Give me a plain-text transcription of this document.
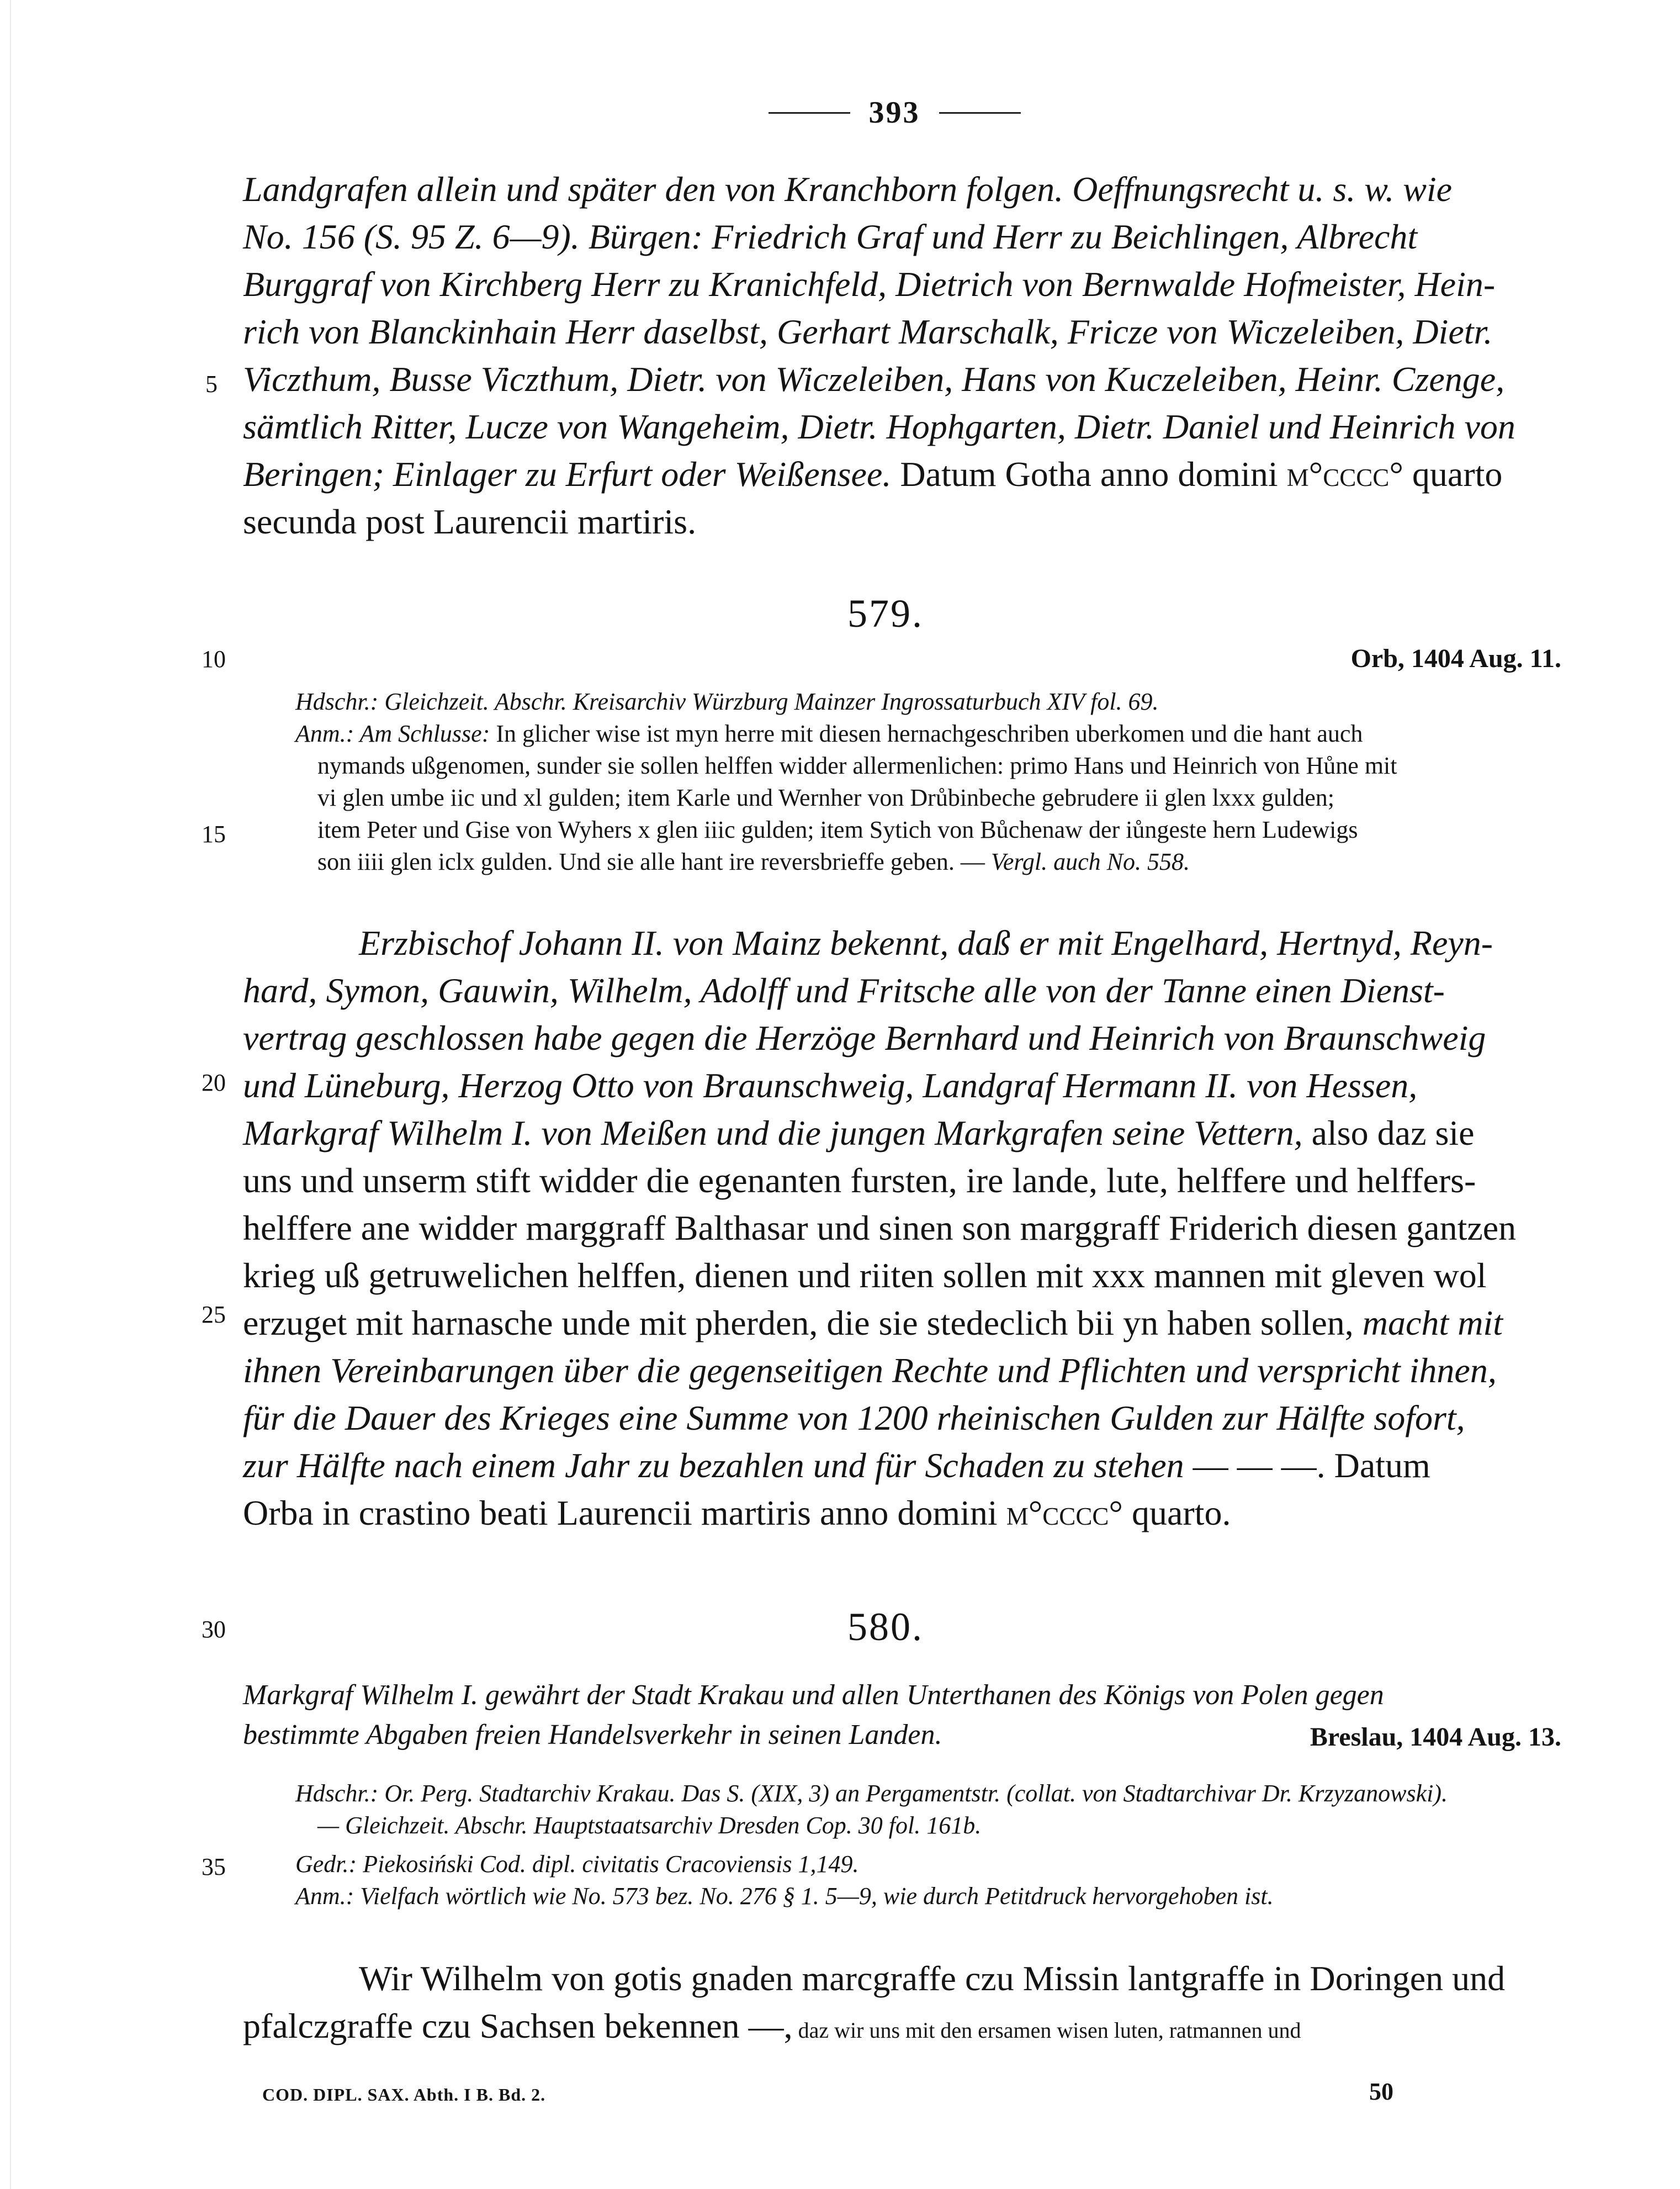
393
5
10
15
20
25
30
35
Landgrafen allein und später den von Kranchborn folgen. Oeffnungsrecht u. s. w. wie
No. 156 (S. 95 Z. 6—9). Bürgen: Friedrich Graf und Herr zu Beichlingen, Albrecht
Burggraf von Kirchberg Herr zu Kranichfeld, Dietrich von Bernwalde Hofmeister, Hein-
rich von Blanckinhain Herr daselbst, Gerhart Marschalk, Fricze von Wiczeleiben, Dietr.
Viczthum, Busse Viczthum, Dietr. von Wiczeleiben, Hans von Kuczeleiben, Heinr. Czenge,
sämtlich Ritter, Lucze von Wangeheim, Dietr. Hophgarten, Dietr. Daniel und Heinrich von
Beringen; Einlager zu Erfurt oder Weißensee. Datum Gotha anno domini m°cccc° quarto
secunda post Laurencii martiris.
579.
Orb, 1404 Aug. 11.
Hdschr.: Gleichzeit. Abschr. Kreisarchiv Würzburg Mainzer Ingrossaturbuch XIV fol. 69.
Anm.: Am Schlusse: In glicher wise ist myn herre mit diesen hernachgeschriben uberkomen und die hant auch
nymands ußgenomen, sunder sie sollen helffen widder allermenlichen: primo Hans und Heinrich von Hůne mit
vi glen umbe iic und xl gulden; item Karle und Wernher von Drůbinbeche gebrudere ii glen lxxx gulden;
item Peter und Gise von Wyhers x glen iiic gulden; item Sytich von Bůchenaw der iůngeste hern Ludewigs
son iiii glen iclx gulden. Und sie alle hant ire reversbrieffe geben. — Vergl. auch No. 558.
Erzbischof Johann II. von Mainz bekennt, daß er mit Engelhard, Hertnyd, Reyn-
hard, Symon, Gauwin, Wilhelm, Adolff und Fritsche alle von der Tanne einen Dienst-
vertrag geschlossen habe gegen die Herzöge Bernhard und Heinrich von Braunschweig
und Lüneburg, Herzog Otto von Braunschweig, Landgraf Hermann II. von Hessen,
Markgraf Wilhelm I. von Meißen und die jungen Markgrafen seine Vettern, also daz sie
uns und unserm stift widder die egenanten fursten, ire lande, lute, helffere und helffers-
helffere ane widder marggraff Balthasar und sinen son marggraff Friderich diesen gantzen
krieg uß getruwelichen helffen, dienen und riiten sollen mit xxx mannen mit gleven wol
erzuget mit harnasche unde mit pherden, die sie stedeclich bii yn haben sollen, macht mit
ihnen Vereinbarungen über die gegenseitigen Rechte und Pflichten und verspricht ihnen,
für die Dauer des Krieges eine Summe von 1200 rheinischen Gulden zur Hälfte sofort,
zur Hälfte nach einem Jahr zu bezahlen und für Schaden zu stehen — — —. Datum
Orba in crastino beati Laurencii martiris anno domini m°cccc° quarto.
580.
Markgraf Wilhelm I. gewährt der Stadt Krakau und allen Unterthanen des Königs von Polen gegen
bestimmte Abgaben freien Handelsverkehr in seinen Landen.	Breslau, 1404 Aug. 13.
Hdschr.: Or. Perg. Stadtarchiv Krakau. Das S. (XIX, 3) an Pergamentstr. (collat. von Stadtarchivar Dr. Krzyzanowski).
— Gleichzeit. Abschr. Hauptstaatsarchiv Dresden Cop. 30 fol. 161b.
Gedr.: Piekosiński Cod. dipl. civitatis Cracoviensis 1,149.
Anm.: Vielfach wörtlich wie No. 573 bez. No. 276 § 1. 5—9, wie durch Petitdruck hervorgehoben ist.
Wir Wilhelm von gotis gnaden marcgraffe czu Missin lantgraffe in Doringen und
pfalczgraffe czu Sachsen bekennen —, daz wir uns mit den ersamen wisen luten, ratmannen und
COD. DIPL. SAX. Abth. I B. Bd. 2.	50
